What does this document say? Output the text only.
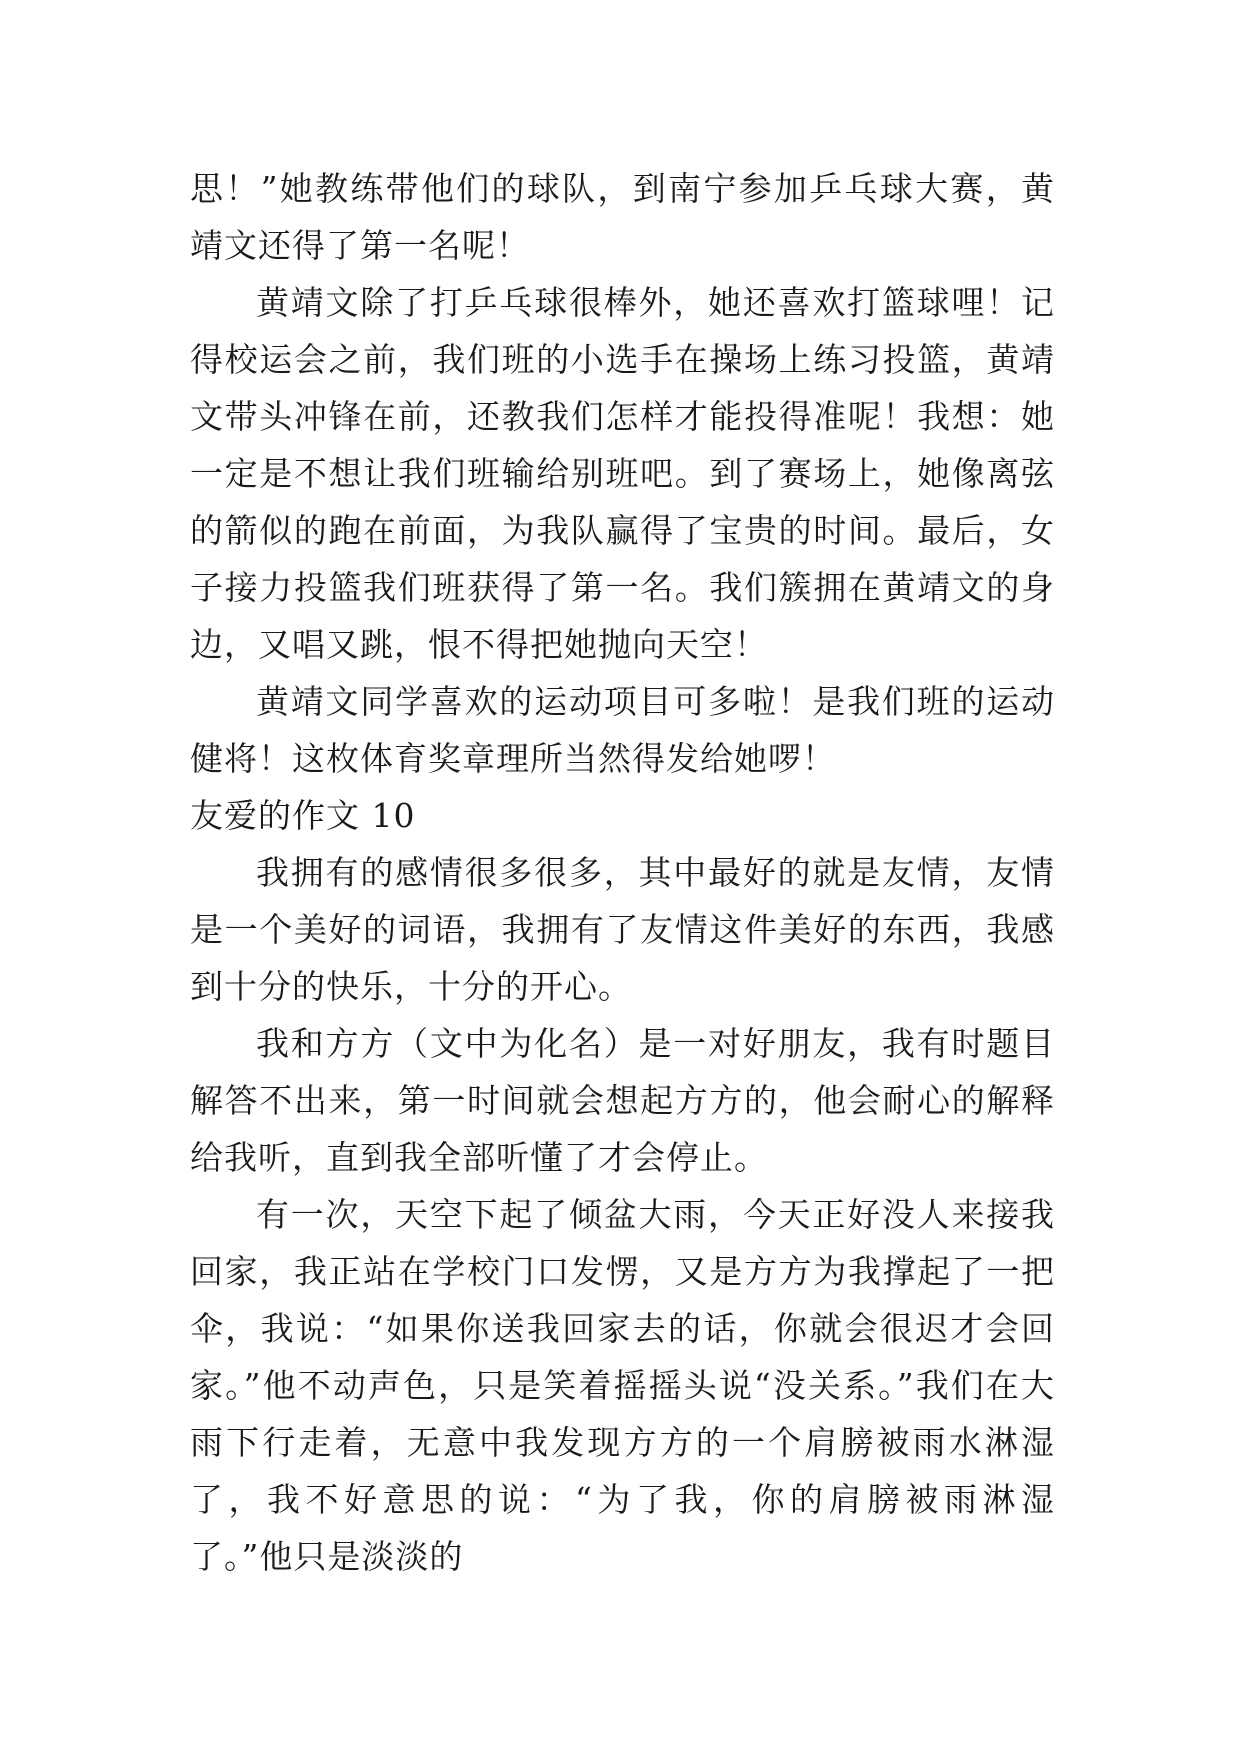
思！”她教练带他们的球队，到南宁参加乒乓球大赛，黄靖文还得了第一名呢！

黄靖文除了打乒乓球很棒外，她还喜欢打篮球哩！记得校运会之前，我们班的小选手在操场上练习投篮，黄靖文带头冲锋在前，还教我们怎样才能投得准呢！我想：她一定是不想让我们班输给别班吧。到了赛场上，她像离弦的箭似的跑在前面，为我队赢得了宝贵的时间。最后，女子接力投篮我们班获得了第一名。我们簇拥在黄靖文的身边，又唱又跳，恨不得把她抛向天空！

黄靖文同学喜欢的运动项目可多啦！是我们班的运动健将！这枚体育奖章理所当然得发给她啰！

友爱的作文 10

我拥有的感情很多很多，其中最好的就是友情，友情是一个美好的词语，我拥有了友情这件美好的东西，我感到十分的快乐，十分的开心。

我和方方（文中为化名）是一对好朋友，我有时题目解答不出来，第一时间就会想起方方的，他会耐心的解释给我听，直到我全部听懂了才会停止。

有一次，天空下起了倾盆大雨，今天正好没人来接我回家，我正站在学校门口发愣，又是方方为我撑起了一把伞，我说：“如果你送我回家去的话，你就会很迟才会回家。”他不动声色，只是笑着摇摇头说“没关系。”我们在大雨下行走着，无意中我发现方方的一个肩膀被雨水淋湿了，我不好意思的说：“为了我，你的肩膀被雨淋湿了。”他只是淡淡的
